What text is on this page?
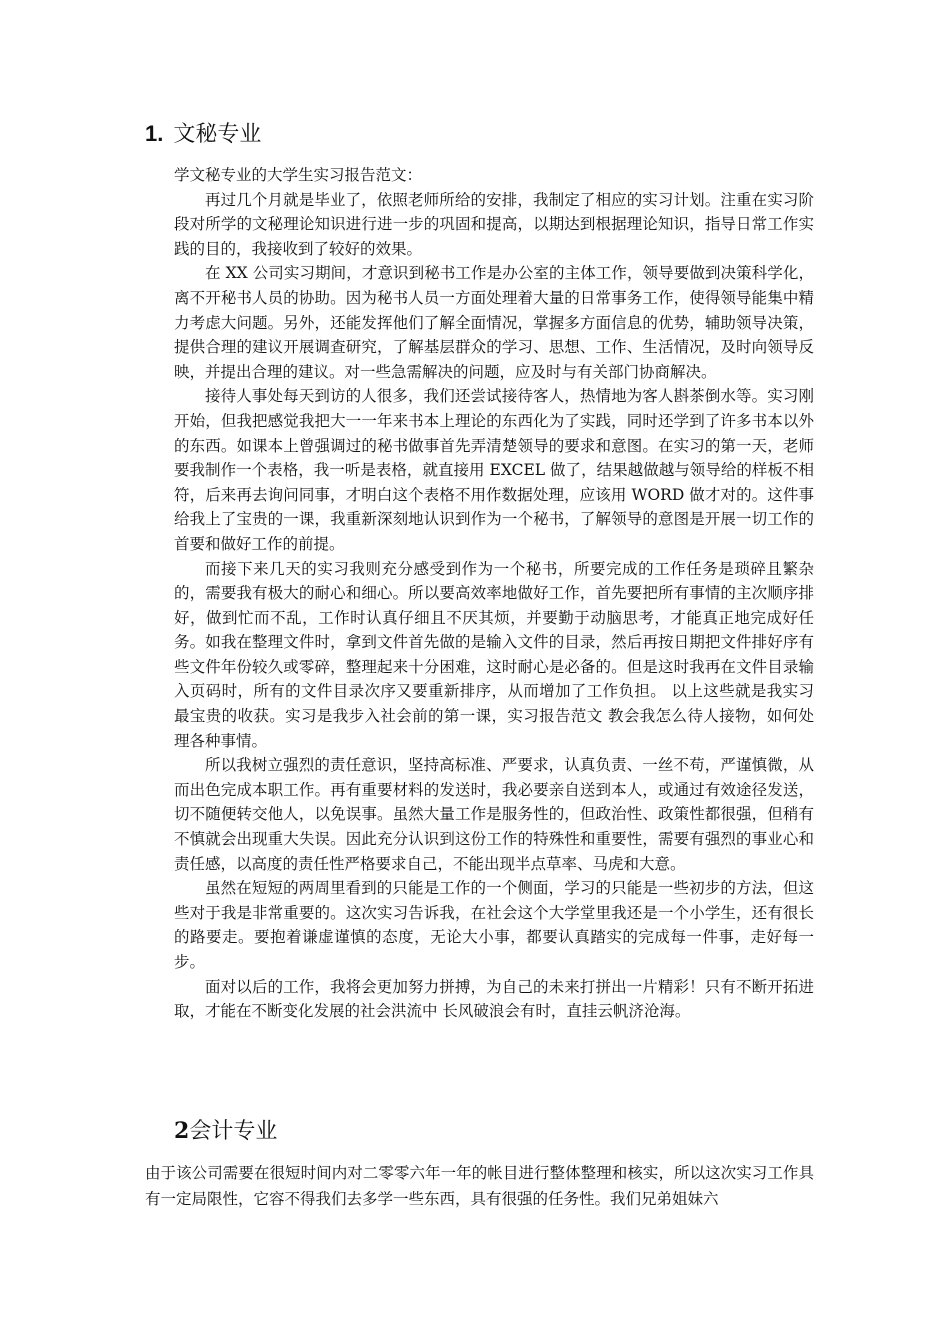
1. 文秘专业

学文秘专业的大学生实习报告范文：

再过几个月就是毕业了，依照老师所给的安排，我制定了相应的实习计划。注重在实习阶段对所学的文秘理论知识进行进一步的巩固和提高，以期达到根据理论知识，指导日常工作实践的目的，我接收到了较好的效果。

在 XX 公司实习期间，才意识到秘书工作是办公室的主体工作，领导要做到决策科学化，离不开秘书人员的协助。因为秘书人员一方面处理着大量的日常事务工作，使得领导能集中精力考虑大问题。另外，还能发挥他们了解全面情况，掌握多方面信息的优势，辅助领导决策，提供合理的建议开展调查研究，了解基层群众的学习、思想、工作、生活情况，及时向领导反映，并提出合理的建议。对一些急需解决的问题，应及时与有关部门协商解决。

接待人事处每天到访的人很多，我们还尝试接待客人，热情地为客人斟茶倒水等。实习刚开始，但我把感觉我把大一一年来书本上理论的东西化为了实践，同时还学到了许多书本以外的东西。如课本上曾强调过的秘书做事首先弄清楚领导的要求和意图。在实习的第一天，老师要我制作一个表格，我一听是表格，就直接用 EXCEL 做了，结果越做越与领导给的样板不相符，后来再去询问同事，才明白这个表格不用作数据处理，应该用 WORD 做才对的。这件事给我上了宝贵的一课，我重新深刻地认识到作为一个秘书，了解领导的意图是开展一切工作的首要和做好工作的前提。

而接下来几天的实习我则充分感受到作为一个秘书，所要完成的工作任务是琐碎且繁杂的，需要我有极大的耐心和细心。所以要高效率地做好工作，首先要把所有事情的主次顺序排好，做到忙而不乱，工作时认真仔细且不厌其烦，并要勤于动脑思考，才能真正地完成好任务。如我在整理文件时，拿到文件首先做的是输入文件的目录，然后再按日期把文件排好序有些文件年份较久或零碎，整理起来十分困难，这时耐心是必备的。但是这时我再在文件目录输入页码时，所有的文件目录次序又要重新排序，从而增加了工作负担。 以上这些就是我实习最宝贵的收获。实习是我步入社会前的第一课，实习报告范文 教会我怎么待人接物，如何处理各种事情。

所以我树立强烈的责任意识，坚持高标准、严要求，认真负责、一丝不苟，严谨慎微，从而出色完成本职工作。再有重要材料的发送时，我必要亲自送到本人，或通过有效途径发送，切不随便转交他人，以免误事。虽然大量工作是服务性的，但政治性、政策性都很强，但稍有不慎就会出现重大失误。因此充分认识到这份工作的特殊性和重要性，需要有强烈的事业心和责任感，以高度的责任性严格要求自己，不能出现半点草率、马虎和大意。

虽然在短短的两周里看到的只能是工作的一个侧面，学习的只能是一些初步的方法，但这些对于我是非常重要的。这次实习告诉我，在社会这个大学堂里我还是一个小学生，还有很长的路要走。要抱着谦虚谨慎的态度，无论大小事，都要认真踏实的完成每一件事，走好每一步。

面对以后的工作，我将会更加努力拼搏，为自己的未来打拼出一片精彩！只有不断开拓进取，才能在不断变化发展的社会洪流中 长风破浪会有时，直挂云帆济沧海。

2会计专业

由于该公司需要在很短时间内对二零零六年一年的帐目进行整体整理和核实，所以这次实习工作具有一定局限性，它容不得我们去多学一些东西，具有很强的任务性。我们兄弟姐妹六
